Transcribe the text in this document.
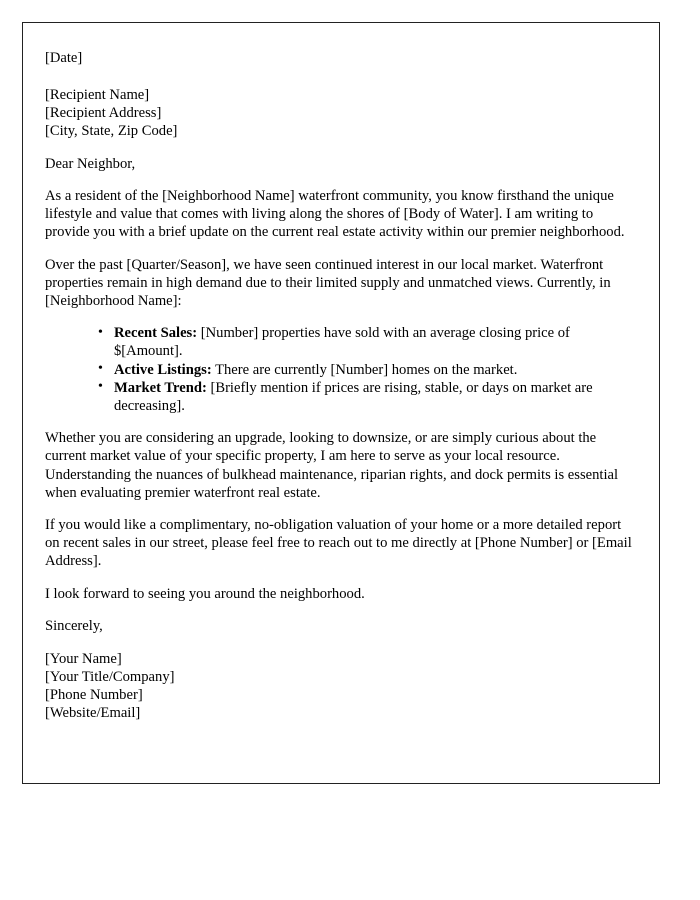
[Date]
[Recipient Name]
[Recipient Address]
[City, State, Zip Code]
Dear Neighbor,

As a resident of the [Neighborhood Name] waterfront community, you know firsthand the unique lifestyle and value that comes with living along the shores of [Body of Water]. I am writing to provide you with a brief update on the current real estate activity within our premier neighborhood.

Over the past [Quarter/Season], we have seen continued interest in our local market. Waterfront properties remain in high demand due to their limited supply and unmatched views. Currently, in [Neighborhood Name]:

• Recent Sales: [Number] properties have sold with an average closing price of $[Amount].
• Active Listings: There are currently [Number] homes on the market.
• Market Trend: [Briefly mention if prices are rising, stable, or days on market are decreasing].

Whether you are considering an upgrade, looking to downsize, or are simply curious about the current market value of your specific property, I am here to serve as your local resource. Understanding the nuances of bulkhead maintenance, riparian rights, and dock permits is essential when evaluating premier waterfront real estate.

If you would like a complimentary, no-obligation valuation of your home or a more detailed report on recent sales in our street, please feel free to reach out to me directly at [Phone Number] or [Email Address].

I look forward to seeing you around the neighborhood.

Sincerely,
[Your Name]
[Your Title/Company]
[Phone Number]
[Website/Email]
